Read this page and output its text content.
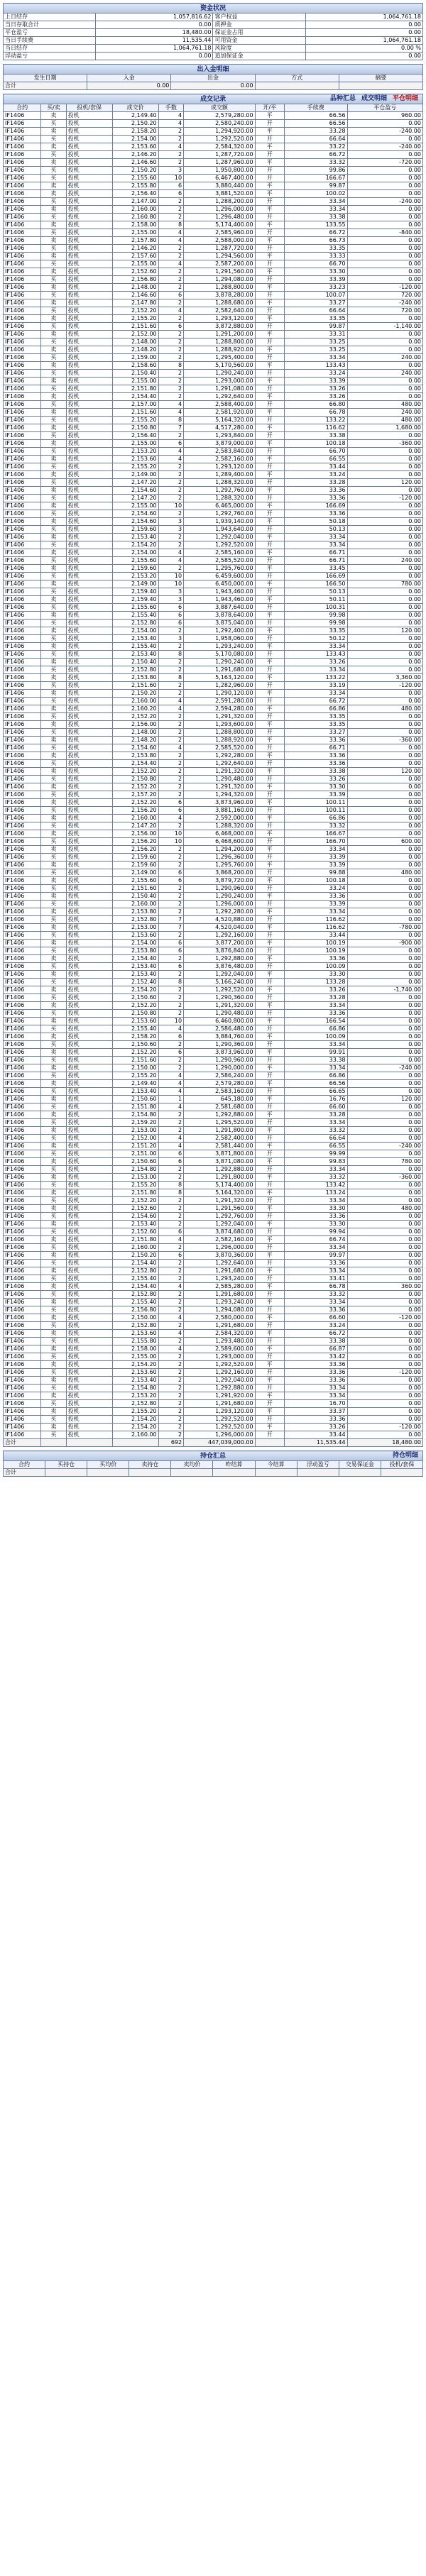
资金状况			
上日结存	1,057,816.62	客户权益	1,064,761.18
当日存取合计	0.00	质押金	0.00
平仓盈亏	18,480.00	保证金占用	0.00
当日手续费	11,535.44	可用资金	1,064,761.18
当日结存	1,064,761.18	风险度	0.00 %
浮动盈亏	0.00	追加保证金	0.00
出入金明细				
发生日期	入金	出金	方式	摘要
合计	0.00	0.00		
成交记录 品种汇总 成交明细 平仓明细								

合约	买/卖	投机/套保	成交价	手数	成交额	开/平	手续费	平仓盈亏
IF1406	卖	投机	2,149.40	4	2,579,280.00	平	66.56	960.00
IF1406	买	投机	2,150.20	4	2,580,240.00	开	66.56	0.00
IF1406	卖	投机	2,158.20	2	1,294,920.00	平	33.28	-240.00
IF1406	买	投机	2,154.00	2	1,292,520.00	开	66.64	0.00
IF1406	卖	投机	2,153.60	4	2,584,320.00	平	33.22	-240.00
IF1406	买	投机	2,146.20	2	1,287,720.00	开	66.72	0.00
IF1406	卖	投机	2,146.60	2	1,287,960.00	平	33.32	-720.00
IF1406	买	投机	2,150.20	3	1,950,800.00	开	99.86	0.00
IF1406	买	投机	2,155.60	10	6,467,400.00	开	166.67	0.00
IF1406	卖	投机	2,155.80	6	3,880,440.00	平	99.87	0.00
IF1406	卖	投机	2,156.40	6	3,881,520.00	平	100.02	0.00
IF1406	买	投机	2,147.00	2	1,288,200.00	开	33.34	-240.00
IF1406	卖	投机	2,160.00	2	1,296,000.00	平	33.34	0.00
IF1406	买	投机	2,160.80	2	1,296,480.00	开	33.38	0.00
IF1406	卖	投机	2,158.00	8	5,174,400.00	平	133.55	0.00
IF1406	买	投机	2,155.00	4	2,585,960.00	开	66.72	-840.00
IF1406	卖	投机	2,157.80	4	2,588,000.00	平	66.73	0.00
IF1406	买	投机	2,146.20	2	1,287,720.00	开	33.35	0.00
IF1406	卖	投机	2,157.60	2	1,294,560.00	平	33.33	0.00
IF1406	买	投机	2,155.00	4	2,587,200.00	开	66.70	0.00
IF1406	卖	投机	2,152.60	2	1,291,560.00	平	33.30	0.00
IF1406	买	投机	2,156.80	2	1,294,080.00	开	33.39	0.00
IF1406	卖	投机	2,148.00	2	1,288,800.00	平	33.23	-120.00
IF1406	买	投机	2,146.60	6	3,878,280.00	开	100.07	720.00
IF1406	卖	投机	2,147.80	2	1,288,680.00	平	33.27	-240.00
IF1406	买	投机	2,152.20	4	2,582,640.00	开	66.64	720.00
IF1406	卖	投机	2,155.20	2	1,293,120.00	平	33.35	0.00
IF1406	买	投机	2,151.60	6	3,872,880.00	开	99.87	-1,140.00
IF1406	卖	投机	2,152.00	2	1,291,200.00	平	33.31	0.00
IF1406	买	投机	2,148.00	2	1,288,800.00	开	33.25	0.00
IF1406	卖	投机	2,148.20	2	1,288,920.00	平	33.25	0.00
IF1406	买	投机	2,159.00	2	1,295,400.00	开	33.34	240.00
IF1406	卖	投机	2,158.60	8	5,170,560.00	平	133.43	0.00
IF1406	买	投机	2,150.40	2	1,290,240.00	开	33.24	240.00
IF1406	卖	投机	2,155.00	2	1,293,000.00	平	33.39	0.00
IF1406	买	投机	2,151.80	2	1,291,080.00	开	33.26	0.00
IF1406	卖	投机	2,154.40	2	1,292,640.00	平	33.26	0.00
IF1406	买	投机	2,157.00	4	2,588,400.00	开	66.80	480.00
IF1406	卖	投机	2,151.60	4	2,581,920.00	平	66.78	240.00
IF1406	买	投机	2,155.20	8	5,164,320.00	开	133.22	480.00
IF1406	卖	投机	2,150.80	7	4,517,280.00	平	116.62	1,680.00
IF1406	买	投机	2,156.40	2	1,293,840.00	开	33.38	0.00
IF1406	卖	投机	2,155.00	6	3,879,000.00	平	100.18	-360.00
IF1406	买	投机	2,153.20	4	2,583,840.00	开	66.70	0.00
IF1406	卖	投机	2,153.60	4	2,582,160.00	平	66.55	0.00
IF1406	买	投机	2,155.20	2	1,293,120.00	开	33.44	0.00
IF1406	卖	投机	2,149.00	2	1,289,400.00	平	33.24	0.00
IF1406	买	投机	2,147.20	2	1,288,320.00	开	33.28	120.00
IF1406	卖	投机	2,154.60	2	1,292,760.00	平	33.36	0.00
IF1406	买	投机	2,147.20	2	1,288,320.00	开	33.36	-120.00
IF1406	卖	投机	2,155.00	10	6,465,000.00	平	166.69	0.00
IF1406	买	投机	2,154.60	2	1,292,760.00	开	33.36	0.00
IF1406	卖	投机	2,154.60	3	1,939,140.00	平	50.18	0.00
IF1406	买	投机	2,159.60	3	1,943,640.00	开	50.13	0.00
IF1406	卖	投机	2,153.40	2	1,292,040.00	平	33.34	0.00
IF1406	买	投机	2,154.20	2	1,292,520.00	开	33.34	0.00
IF1406	卖	投机	2,154.00	4	2,585,160.00	平	66.71	0.00
IF1406	买	投机	2,155.60	4	2,585,520.00	开	66.71	240.00
IF1406	卖	投机	2,159.60	2	1,295,760.00	平	33.45	0.00
IF1406	买	投机	2,153.20	10	6,459,600.00	开	166.69	0.00
IF1406	卖	投机	2,149.00	10	6,450,000.00	平	166.50	780.00
IF1406	买	投机	2,159.40	3	1,943,460.00	开	50.13	0.00
IF1406	卖	投机	2,159.40	3	1,943,460.00	平	50.11	0.00
IF1406	买	投机	2,155.60	6	3,887,640.00	开	100.31	0.00
IF1406	卖	投机	2,155.40	6	3,878,640.00	平	99.98	0.00
IF1406	买	投机	2,152.80	6	3,875,040.00	开	99.98	0.00
IF1406	卖	投机	2,154.00	2	1,292,400.00	平	33.35	120.00
IF1406	买	投机	2,153.40	3	1,958,060.00	开	50.12	0.00
IF1406	卖	投机	2,155.40	2	1,293,240.00	平	33.34	0.00
IF1406	买	投机	2,153.40	8	5,170,080.00	开	133.43	0.00
IF1406	卖	投机	2,150.40	2	1,290,240.00	平	33.26	0.00
IF1406	买	投机	2,152.80	2	1,291,680.00	开	33.34	0.00
IF1406	卖	投机	2,153.80	8	5,163,120.00	平	133.22	3,360.00
IF1406	买	投机	2,151.60	2	1,282,960.00	开	33.19	-120.00
IF1406	卖	投机	2,150.20	2	1,290,120.00	平	33.34	0.00
IF1406	买	投机	2,160.00	4	2,591,280.00	开	66.72	0.00
IF1406	卖	投机	2,160.20	4	2,594,280.00	平	66.86	480.00
IF1406	买	投机	2,152.20	2	1,291,320.00	开	33.35	0.00
IF1406	卖	投机	2,156.00	2	1,293,600.00	平	33.35	0.00
IF1406	买	投机	2,148.00	2	1,288,800.00	开	33.27	0.00
IF1406	卖	投机	2,148.20	2	1,288,920.00	平	33.36	-360.00
IF1406	买	投机	2,154.60	4	2,585,520.00	开	66.71	0.00
IF1406	卖	投机	2,153.80	2	1,292,280.00	平	33.36	0.00
IF1406	买	投机	2,154.40	2	1,292,640.00	开	33.36	0.00
IF1406	卖	投机	2,152.20	2	1,291,320.00	平	33.38	120.00
IF1406	买	投机	2,150.80	2	1,290,480.00	开	33.26	0.00
IF1406	卖	投机	2,152.20	2	1,291,320.00	平	33.30	0.00
IF1406	买	投机	2,157.20	2	1,294,320.00	开	33.39	0.00
IF1406	卖	投机	2,152.20	6	3,873,960.00	平	100.11	0.00
IF1406	买	投机	2,156.20	6	3,881,160.00	开	100.11	0.00
IF1406	卖	投机	2,160.00	4	2,592,000.00	平	66.86	0.00
IF1406	买	投机	2,147.20	2	1,288,320.00	开	33.32	0.00
IF1406	卖	投机	2,156.00	10	6,468,000.00	平	166.67	0.00
IF1406	买	投机	2,156.20	10	6,468,600.00	开	166.70	600.00
IF1406	卖	投机	2,156.20	2	1,294,200.00	平	33.34	0.00
IF1406	买	投机	2,159.60	2	1,296,360.00	开	33.39	0.00
IF1406	卖	投机	2,159.60	2	1,295,760.00	平	33.39	0.00
IF1406	买	投机	2,149.00	6	3,868,200.00	开	99.88	480.00
IF1406	卖	投机	2,155.60	6	3,879,720.00	平	100.18	0.00
IF1406	买	投机	2,151.60	2	1,290,960.00	开	33.24	0.00
IF1406	卖	投机	2,150.40	2	1,290,240.00	平	33.36	0.00
IF1406	买	投机	2,160.00	2	1,296,000.00	开	33.39	0.00
IF1406	卖	投机	2,153.80	2	1,292,280.00	平	33.34	0.00
IF1406	买	投机	2,152.80	7	4,520,880.00	开	116.62	0.00
IF1406	卖	投机	2,153.00	7	4,520,040.00	平	116.62	-780.00
IF1406	买	投机	2,153.60	2	1,292,160.00	开	33.44	0.00
IF1406	卖	投机	2,154.00	6	3,877,200.00	平	100.19	-900.00
IF1406	买	投机	2,153.80	6	3,876,840.00	开	100.19	0.00
IF1406	卖	投机	2,154.40	2	1,292,880.00	平	33.36	0.00
IF1406	买	投机	2,153.40	6	3,876,480.00	开	100.09	0.00
IF1406	卖	投机	2,153.40	2	1,292,040.00	平	33.30	0.00
IF1406	买	投机	2,152.40	8	5,166,240.00	开	133.28	0.00
IF1406	卖	投机	2,154.20	2	1,292,520.00	平	33.26	-1,740.00
IF1406	买	投机	2,150.60	2	1,290,360.00	开	33.28	0.00
IF1406	卖	投机	2,152.20	2	1,291,320.00	平	33.34	0.00
IF1406	买	投机	2,150.80	2	1,290,480.00	开	33.36	0.00
IF1406	卖	投机	2,153.60	10	6,460,800.00	平	166.54	0.00
IF1406	买	投机	2,155.40	4	2,586,480.00	开	66.86	0.00
IF1406	卖	投机	2,158.20	6	3,884,760.00	平	100.09	0.00
IF1406	买	投机	2,150.60	2	1,290,360.00	开	33.34	0.00
IF1406	卖	投机	2,152.20	6	3,873,960.00	平	99.91	0.00
IF1406	买	投机	2,151.60	2	1,290,960.00	开	33.38	0.00
IF1406	卖	投机	2,150.00	2	1,290,000.00	平	33.34	-240.00
IF1406	买	投机	2,155.20	4	2,586,240.00	开	66.86	0.00
IF1406	卖	投机	2,149.40	4	2,579,280.00	平	66.56	0.00
IF1406	买	投机	2,153.40	4	2,583,160.00	开	66.65	0.00
IF1406	卖	投机	2,150.60	1	645,180.00	平	16.76	120.00
IF1406	买	投机	2,151.80	4	2,581,680.00	开	66.60	0.00
IF1406	卖	投机	2,154.80	2	1,292,880.00	平	33.28	0.00
IF1406	买	投机	2,159.20	2	1,295,520.00	开	33.34	0.00
IF1406	卖	投机	2,153.00	2	1,291,800.00	平	33.32	0.00
IF1406	买	投机	2,152.00	4	2,582,400.00	开	66.64	0.00
IF1406	卖	投机	2,151.20	4	2,581,440.00	平	66.55	-240.00
IF1406	买	投机	2,151.00	6	3,871,800.00	开	99.99	0.00
IF1406	卖	投机	2,150.60	6	3,871,080.00	平	99.83	780.00
IF1406	买	投机	2,154.80	2	1,292,880.00	开	33.34	0.00
IF1406	卖	投机	2,153.00	2	1,291,800.00	平	33.32	-360.00
IF1406	买	投机	2,155.20	8	5,174,400.00	开	133.42	0.00
IF1406	卖	投机	2,151.80	8	5,164,320.00	平	133.24	0.00
IF1406	买	投机	2,152.20	2	1,291,320.00	开	33.34	0.00
IF1406	卖	投机	2,152.60	2	1,291,560.00	平	33.30	480.00
IF1406	买	投机	2,154.60	2	1,292,760.00	开	33.36	0.00
IF1406	卖	投机	2,153.40	2	1,292,040.00	平	33.30	0.00
IF1406	买	投机	2,152.60	6	3,874,680.00	开	99.94	0.00
IF1406	卖	投机	2,151.80	4	2,582,160.00	平	66.74	0.00
IF1406	买	投机	2,160.00	2	1,296,000.00	开	33.34	0.00
IF1406	卖	投机	2,150.20	6	3,870,360.00	平	99.97	0.00
IF1406	买	投机	2,154.40	2	1,292,640.00	开	33.36	0.00
IF1406	卖	投机	2,152.80	2	1,291,680.00	平	33.34	0.00
IF1406	买	投机	2,155.40	2	1,293,240.00	开	33.41	0.00
IF1406	卖	投机	2,154.40	4	2,585,280.00	平	66.78	360.00
IF1406	买	投机	2,152.80	2	1,291,680.00	开	33.32	0.00
IF1406	卖	投机	2,155.40	2	1,293,240.00	平	33.34	0.00
IF1406	买	投机	2,156.80	2	1,294,080.00	开	33.36	0.00
IF1406	卖	投机	2,150.00	4	2,580,000.00	平	66.60	-120.00
IF1406	买	投机	2,152.80	2	1,291,680.00	开	33.24	0.00
IF1406	卖	投机	2,153.60	4	2,584,320.00	平	66.72	0.00
IF1406	买	投机	2,155.80	2	1,293,480.00	开	33.38	0.00
IF1406	卖	投机	2,158.00	4	2,589,600.00	平	66.87	0.00
IF1406	买	投机	2,155.00	2	1,293,000.00	开	33.42	0.00
IF1406	卖	投机	2,154.20	2	1,292,520.00	平	33.36	0.00
IF1406	买	投机	2,153.60	2	1,292,160.00	开	33.36	-120.00
IF1406	卖	投机	2,153.40	2	1,292,040.00	平	33.36	0.00
IF1406	买	投机	2,154.80	2	1,292,880.00	开	33.34	0.00
IF1406	卖	投机	2,153.20	2	1,291,920.00	平	33.34	0.00
IF1406	买	投机	2,152.80	2	1,291,680.00	开	16.70	0.00
IF1406	卖	投机	2,155.20	2	1,293,120.00	平	33.37	0.00
IF1406	买	投机	2,154.20	2	1,292,520.00	开	33.36	0.00
IF1406	卖	投机	2,154.20	2	1,292,520.00	平	33.26	-120.00
IF1406	买	投机	2,160.00	2	1,296,000.00	开	33.44	0.00
合计				692	447,039,000.00		11,535.44	18,480.00
持仓汇总 持仓明细									

合约	买持仓	买均价	卖持仓	卖均价	昨结算	今结算	浮动盈亏	交易保证金	投机/套保
合计									
